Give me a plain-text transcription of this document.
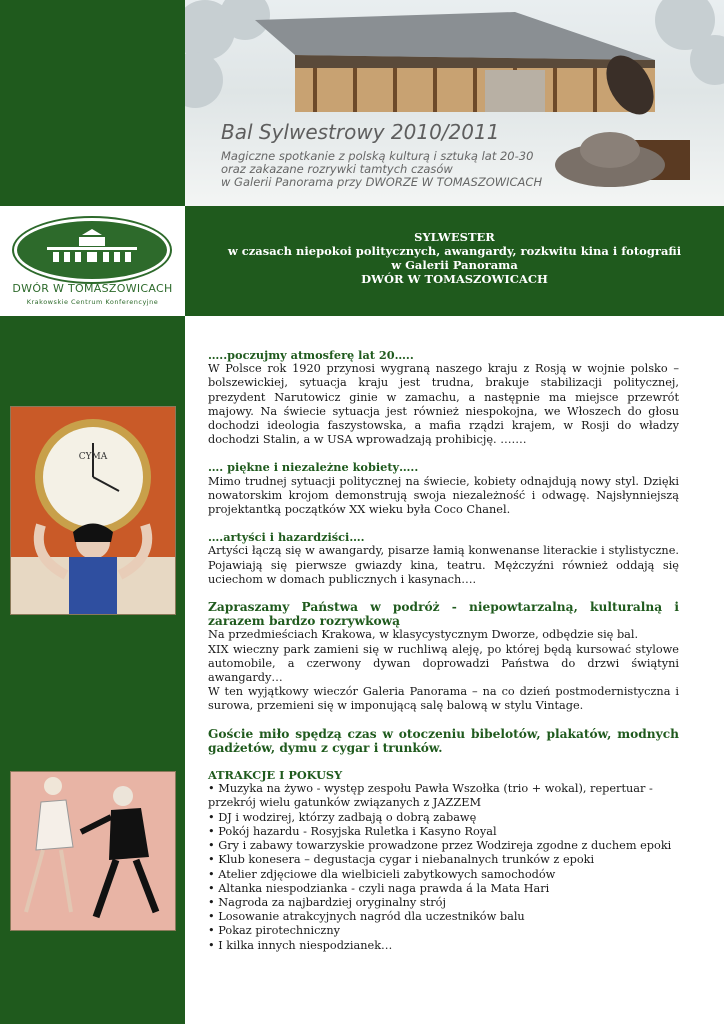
Bal Sylwestrowy 2010/2011
Magiczne spotkanie z polską kulturą i sztuką lat 20-30
oraz zakazane rozrywki tamtych czasów
w Galerii Panorama przy DWORZE W TOMASZOWICACH
DWÓR W TOMASZOWICACH
Krakowskie Centrum Konferencyjne
SYLWESTER
w czasach niepokoi politycznych, awangardy, rozkwitu kina i fotografii
w Galerii Panorama
DWÓR W TOMASZOWICACH
CYMA
…..poczujmy atmosferę lat 20…..
W Polsce rok 1920 przynosi wygraną naszego kraju z Rosją w wojnie polsko – bolszewickiej, sytuacja kraju jest trudna, brakuje stabilizacji politycznej, prezydent Narutowicz ginie w zamachu, a następnie ma miejsce przewrót majowy. Na świecie sytuacja jest również niespokojna, we Włoszech do głosu dochodzi ideologia faszystowska, a mafia rządzi krajem, w Rosji do władzy dochodzi Stalin, a w USA wprowadzają prohibicję. …….
…. piękne i niezależne kobiety…..
Mimo trudnej sytuacji politycznej na świecie, kobiety odnajdują nowy styl. Dzięki nowatorskim krojom demonstrują swoja niezależność i odwagę. Najsłynniejszą projektantką początków XX wieku była Coco Chanel.
….artyści i hazardziści….
Artyści łączą się w awangardy, pisarze łamią konwenanse literackie i stylistyczne. Pojawiają się pierwsze gwiazdy kina, teatru. Mężczyźni również oddają się uciechom w domach publicznych i kasynach….
Zapraszamy Państwa w podróż - niepowtarzalną, kulturalną i zarazem bardzo rozrywkową
Na przedmieściach Krakowa, w klasycystycznym Dworze, odbędzie się bal.
XIX wieczny park zamieni się w ruchliwą aleję, po której będą kursować stylowe automobile, a czerwony dywan doprowadzi Państwa do drzwi świątyni awangardy…
W ten wyjątkowy wieczór Galeria Panorama – na co dzień postmodernistyczna i surowa, przemieni się w imponującą salę balową w stylu Vintage.
Goście miło spędzą czas w otoczeniu bibelotów, plakatów, modnych gadżetów, dymu z cygar i trunków.
ATRAKCJE I POKUSY
• Muzyka na żywo - występ zespołu Pawła Wszołka (trio + wokal), repertuar - przekrój wielu gatunków związanych z JAZZEM
• DJ i wodzirej, którzy zadbają o dobrą zabawę
• Pokój hazardu - Rosyjska Ruletka i Kasyno Royal
• Gry i zabawy towarzyskie prowadzone przez Wodzireja zgodne z duchem epoki
• Klub konesera – degustacja cygar i niebanalnych trunków z epoki
• Atelier zdjęciowe dla wielbicieli zabytkowych samochodów
• Altanka niespodzianka - czyli naga prawda á la Mata Hari
• Nagroda za najbardziej oryginalny strój
• Losowanie atrakcyjnych nagród dla uczestników balu
• Pokaz pirotechniczny
• I kilka innych niespodzianek…
